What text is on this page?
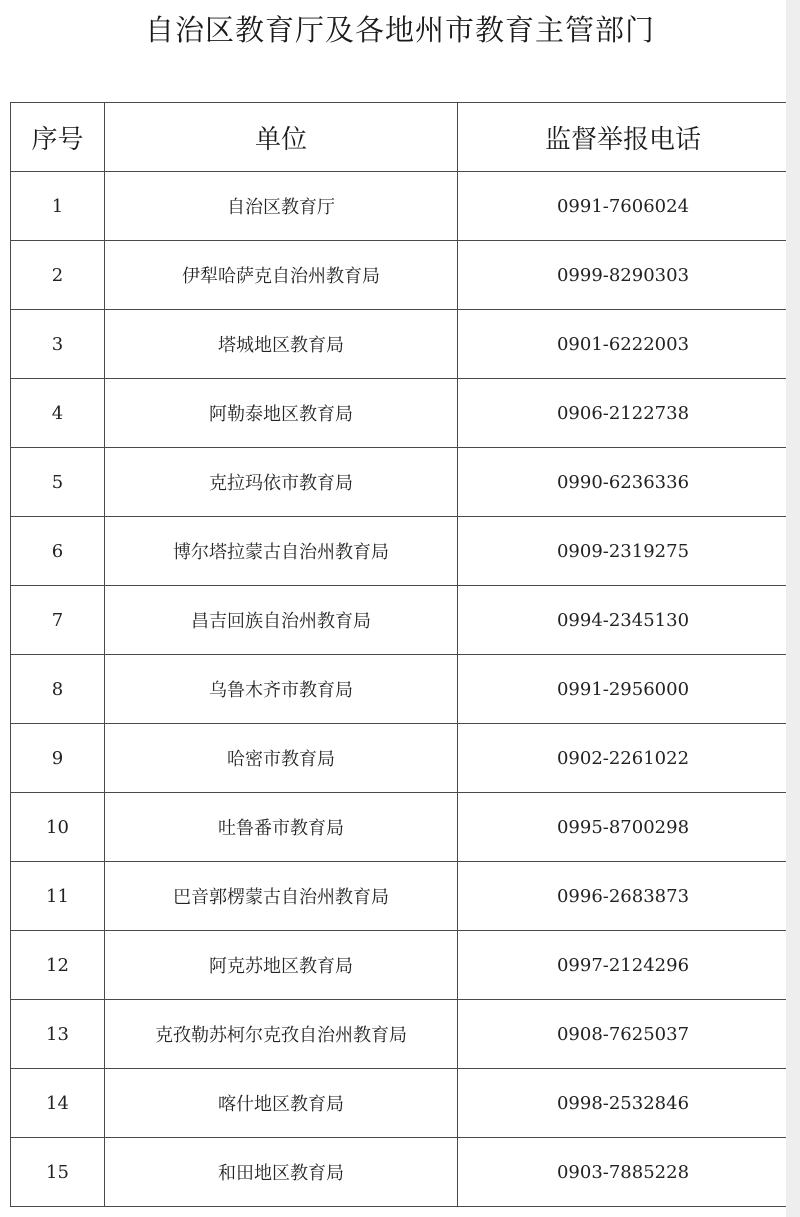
自治区教育厅及各地州市教育主管部门
序号	单位	监督举报电话
1	自治区教育厅	0991-7606024
2	伊犁哈萨克自治州教育局	0999-8290303
3	塔城地区教育局	0901-6222003
4	阿勒泰地区教育局	0906-2122738
5	克拉玛依市教育局	0990-6236336
6	博尔塔拉蒙古自治州教育局	0909-2319275
7	昌吉回族自治州教育局	0994-2345130
8	乌鲁木齐市教育局	0991-2956000
9	哈密市教育局	0902-2261022
10	吐鲁番市教育局	0995-8700298
11	巴音郭楞蒙古自治州教育局	0996-2683873
12	阿克苏地区教育局	0997-2124296
13	克孜勒苏柯尔克孜自治州教育局	0908-7625037
14	喀什地区教育局	0998-2532846
15	和田地区教育局	0903-7885228
